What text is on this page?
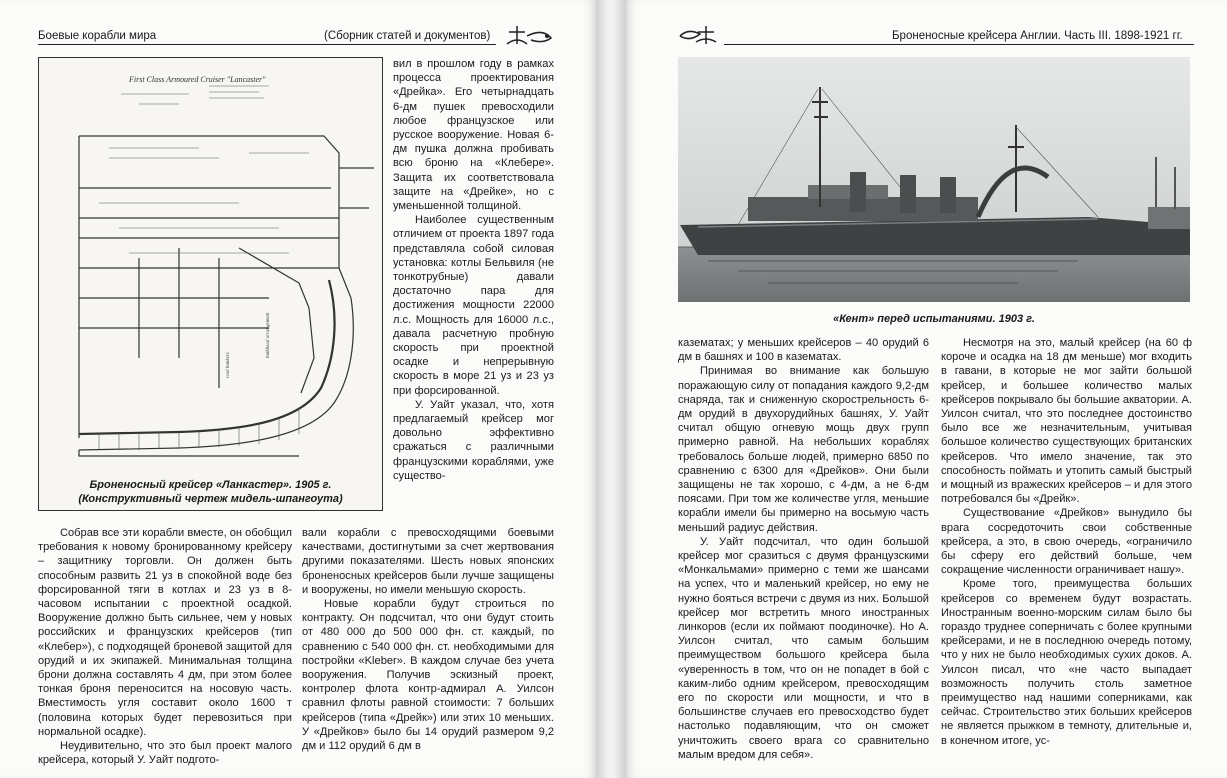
Боевые корабли мира	(Сборник статей и документов)
First Class Armoured Cruiser "Lancaster"
bulkhead arrangement
coal bunkers
Броненосный крейсер «Ланкастер». 1905 г.
(Конструктивный чертеж мидель-шпангоута)

вил в прошлом году в рамках процесса проектирования «Дрейка». Его четырнадцать 6-дм пушек превосходили любое французское или русское вооружение. Новая 6-дм пушка должна пробивать всю броню на «Клебере». Защита их соответствовала защите на «Дрейке», но с уменьшенной толщиной.

Наиболее существенным отличием от проекта 1897 года представляла собой силовая установка: котлы Бельвиля (не тонкотрубные) давали достаточно пара для достижения мощности 22000 л.с. Мощность для 16000 л.с., давала расчетную пробную скорость при проектной осадке и непрерывную скорость в море 21 уз и 23 уз при форсированной.

У. Уайт указал, что, хотя предлагаемый крейсер мог довольно эффективно сражаться с различными французскими кораблями, уже существо-

Собрав все эти корабли вместе, он обобщил требования к новому бронированному крейсеру – защитнику торговли. Он должен быть способным развить 21 уз в спокойной воде без форсированной тяги в котлах и 23 уз в 8-часовом испытании с проектной осадкой. Вооружение должно быть сильнее, чем у новых российских и французских крейсеров (тип «Клебер»), с подходящей броневой защитой для орудий и их экипажей. Минимальная толщина брони должна составлять 4 дм, при этом более тонкая броня переносится на носовую часть. Вместимость угля составит около 1600 т (половина которых будет перевозиться при нормальной осадке).

Неудивительно, что это был проект малого крейсера, который У. Уайт подгото-

вали корабли с превосходящими боевыми качествами, достигнутыми за счет жертвования другими показателями. Шесть новых японских броненосных крейсеров были лучше защищены и вооружены, но имели меньшую скорость.

Новые корабли будут строиться по контракту. Он подсчитал, что они будут стоить от 480 000 до 500 000 фн. ст. каждый, по сравнению с 540 000 фн. ст. необходимыми для постройки «Kleber». В каждом случае без учета вооружения. Получив эскизный проект, контролер флота контр-адмирал А. Уилсон сравнил флоты равной стоимости: 7 больших крейсеров (типа «Дрейк») или этих 10 меньших. У «Дрейков» было бы 14 орудий размером 9,2 дм и 112 орудий 6 дм в

Броненосные крейсера Англии. Часть III. 1898-1921 гг.
«Кент» перед испытаниями. 1903 г.

казематах; у меньших крейсеров – 40 орудий 6 дм в башнях и 100 в казематах.

Принимая во внимание как большую поражающую силу от попадания каждого 9,2-дм снаряда, так и сниженную скорострельность 6-дм орудий в двухорудийных башнях, У. Уайт считал общую огневую мощь двух групп примерно равной. На небольших кораблях требовалось больше людей, примерно 6850 по сравнению с 6300 для «Дрейков». Они были защищены не так хорошо, с 4-дм, а не 6-дм поясами. При том же количестве угля, меньшие корабли имели бы примерно на восьмую часть меньший радиус действия.

У. Уайт подсчитал, что один большой крейсер мог сразиться с двумя французскими «Монкальмами» примерно с теми же шансами на успех, что и маленький крейсер, но ему не нужно бояться встречи с двумя из них. Большой крейсер мог встретить много иностранных линкоров (если их поймают поодиночке). Но А. Уилсон считал, что самым большим преимуществом большого крейсера была «уверенность в том, что он не попадет в бой с каким-либо одним крейсером, превосходящим его по скорости или мощности, и что в большинстве случаев его превосходство будет настолько подавляющим, что он сможет уничтожить своего врага со сравнительно малым вредом для себя».

Несмотря на это, малый крейсер (на 60 ф короче и осадка на 18 дм меньше) мог входить в гавани, в которые не мог зайти большой крейсер, и большее количество малых крейсеров покрывало бы большие акватории. А. Уилсон считал, что это последнее достоинство было все же незначительным, учитывая большое количество существующих британских крейсеров. Что имело значение, так это способность поймать и утопить самый быстрый и мощный из вражеских крейсеров – и для этого потребовался бы «Дрейк».

Существование «Дрейков» вынудило бы врага сосредоточить свои собственные крейсера, а это, в свою очередь, «ограничило бы сферу его действий больше, чем сокращение численности ограничивает нашу».

Кроме того, преимущества больших крейсеров со временем будут возрастать. Иностранным военно-морским силам было бы гораздо труднее соперничать с более крупными крейсерами, и не в последнюю очередь потому, что у них не было необходимых сухих доков. А. Уилсон писал, что «не часто выпадает возможность получить столь заметное преимущество над нашими соперниками, как сейчас. Строительство этих больших крейсеров не является прыжком в темноту, длительные и, в конечном итоге, ус-
